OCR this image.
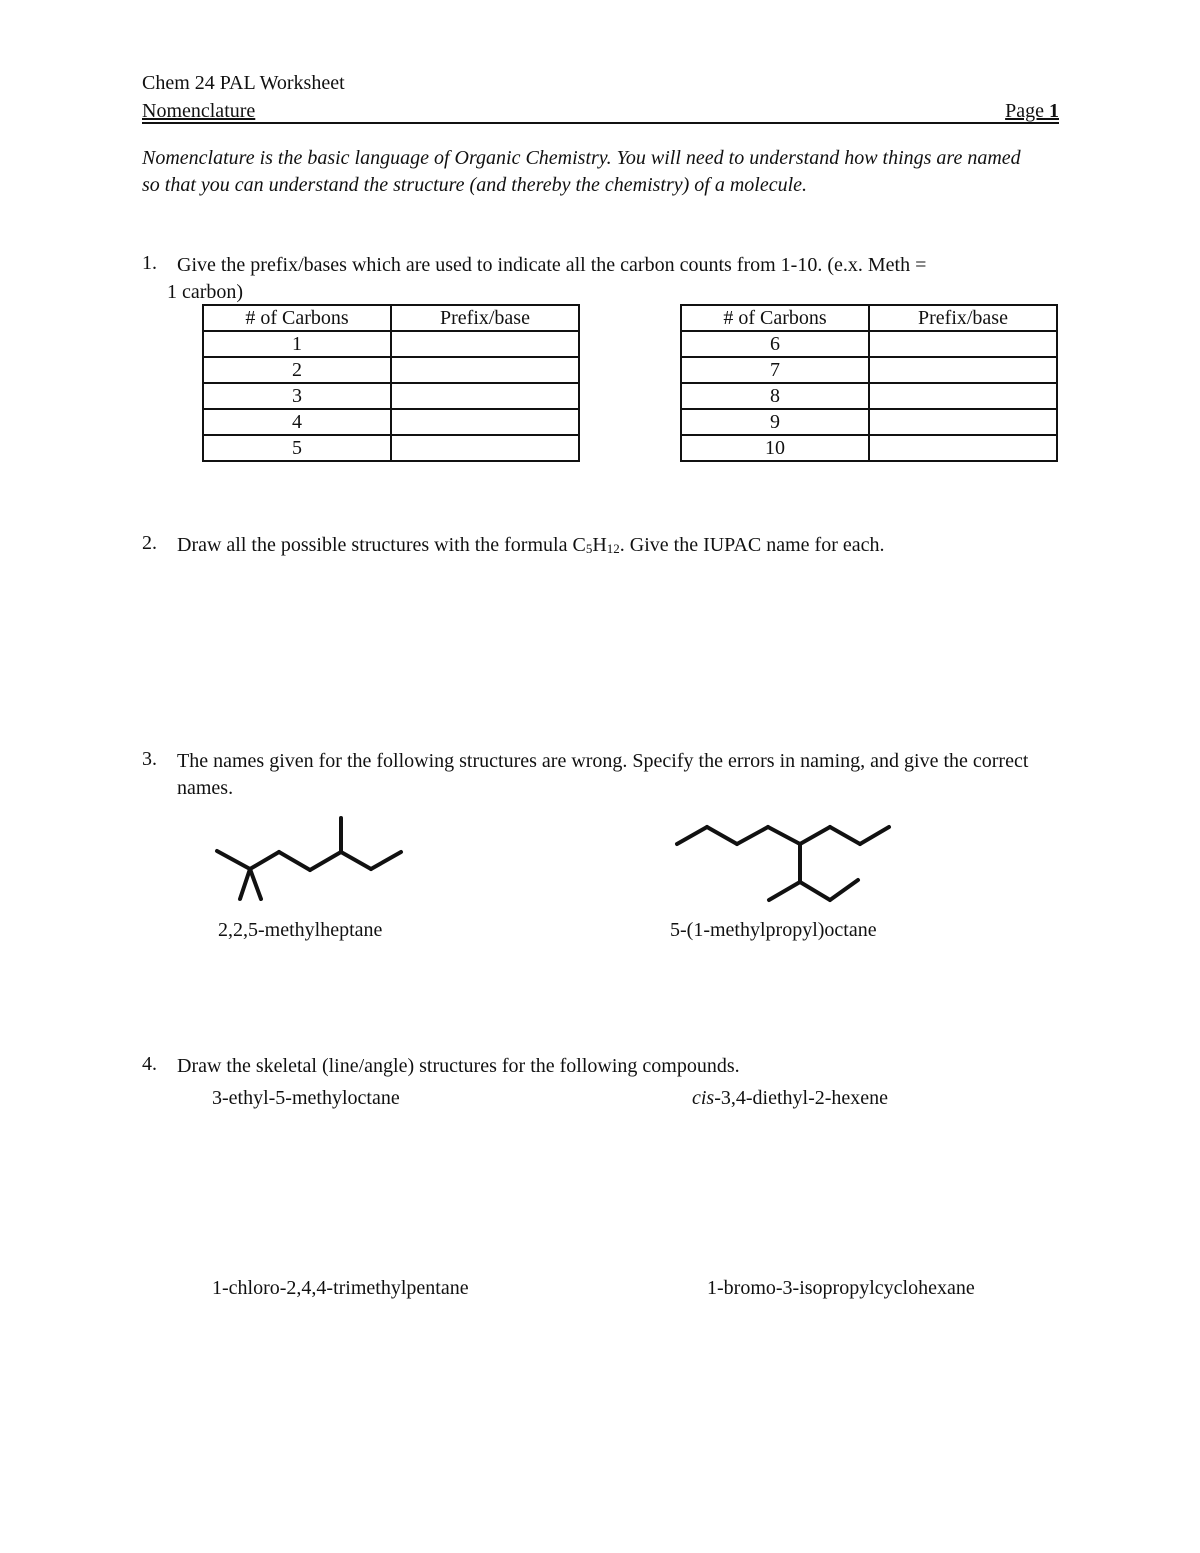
Chem 24 PAL Worksheet
Nomenclature	Page 1
Nomenclature is the basic language of Organic Chemistry. You will need to understand how things are named so that you can understand the structure (and thereby the chemistry) of a molecule.
1. Give the prefix/bases which are used to indicate all the carbon counts from 1-10. (e.x. Meth =
1 carbon)
# of Carbons	Prefix/base
1	
2	
3	
4	
5	
# of Carbons	Prefix/base
6	
7	
8	
9	
10	
2. Draw all the possible structures with the formula $C_5H_{12}$. Give the IUPAC name for each.
3. The names given for the following structures are wrong. Specify the errors in naming, and give the correct names.
2,2,5-methylheptane	5-(1-methylpropyl)octane
4. Draw the skeletal (line/angle) structures for the following compounds.
3-ethyl-5-methyloctane	cis-3,4-diethyl-2-hexene
1-chloro-2,4,4-trimethylpentane	1-bromo-3-isopropylcyclohexane
